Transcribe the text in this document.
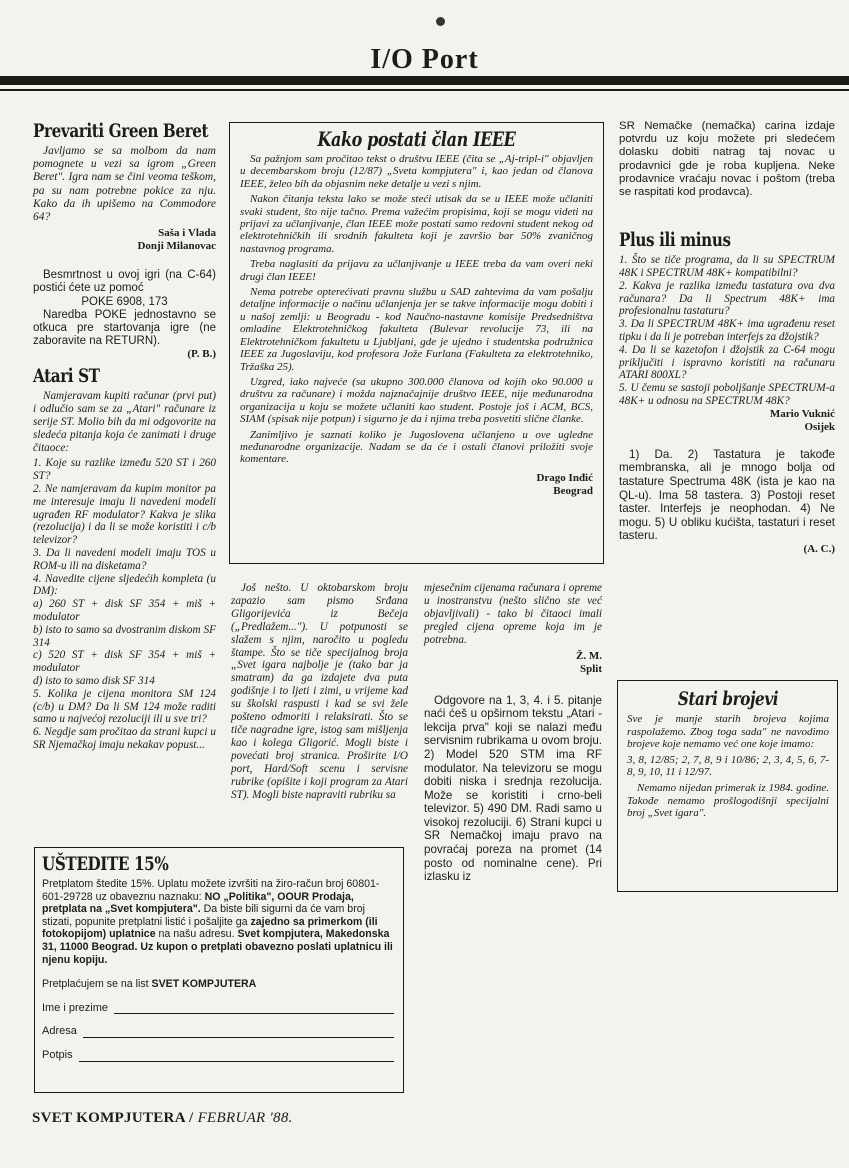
I/O Port
Prevariti Green Beret

Javljamo se sa molbom da nam pomognete u vezi sa igrom „Green Beret". Igra nam se čini veoma teškom, pa su nam potrebne pokice za nju. Kako da ih upišemo na Commodore 64?

Saša i Vlada
Donji Milanovac

Besmrtnost u ovoj igri (na C-64) postići ćete uz pomoć

POKE 6908, 173

Naredba POKE jednostavno se otkuca pre startovanja igre (ne zaboravite na RETURN).

(P. B.)
Atari ST

Namjeravam kupiti računar (prvi put) i odlučio sam se za „Atari" računare iz serije ST. Molio bih da mi odgovorite na sledeća pitanja koja će zanimati i druge čitaoce:

1. Koje su razlike između 520 ST i 260 ST?
2. Ne namjeravam da kupim monitor pa me interesuje imaju li navedeni modeli ugrađen RF modulator? Kakva je slika (rezolucija) i da li se može koristiti i c/b televizor?
3. Da li navedeni modeli imaju TOS u ROM-u ili na disketama?
4. Navedite cijene sljedećih kompleta (u DM):
a) 260 ST + disk SF 354 + miš + modulator
b) isto to samo sa dvostranim diskom SF 314
c) 520 ST + disk SF 354 + miš + modulator
d) isto to samo disk SF 314
5. Kolika je cijena monitora SM 124 (c/b) u DM? Da li SM 124 može raditi samo u najvećoj rezoluciji ili u sve tri?
6. Negdje sam pročitao da strani kupci u SR Njemačkoj imaju nekakav popust...
Kako postati član IEEE

Sa pažnjom sam pročitao tekst o društvu IEEE (čita se „Aj-tripl-i" objavljen u decembarskom broju (12/87) „Sveta kompjutera" i, kao jedan od članova IEEE, želeo bih da objasnim neke detalje u vezi s njim.

Nakon čitanja teksta lako se može steći utisak da se u IEEE može učlaniti svaki student, što nije tačno. Prema važećim propisima, koji se mogu videti na prijavi za učlanjivanje, član IEEE može postati samo redovni student nekog od elektrotehničkih ili srodnih fakulteta koji je završio bar 50% zvaničnog nastavnog programa.

Treba naglasiti da prijavu za učlanjivanje u IEEE treba da vam overi neki drugi član IEEE!

Nema potrebe opterećivati pravnu službu u SAD zahtevima da vam pošalju detaljne informacije o načinu učlanjenja jer se takve informacije mogu dobiti i u našoj zemlji: u Beogradu - kod Naučno-nastavne komisije Predsedništva omladine Elektrotehničkog fakulteta (Bulevar revolucije 73, ili na Elektrotehničkom fakultetu u Ljubljani, gde je ujedno i studentska podružnica IEEE za Jugoslaviju, kod profesora Jože Furlana (Fakulteta za elektrotehniko, Tržaška 25).

Uzgred, iako najveće (sa ukupno 300.000 članova od kojih oko 90.000 u društvu za računare) i možda najznačajnije društvo IEEE, nije međunarodna organizacija u koju se možete učlaniti kao student. Postoje još i ACM, BCS, SIAM (spisak nije potpun) i sigurno je da i njima treba posvetiti slične članke.

Zanimljivo je saznati koliko je Jugoslovena učlanjeno u ove ugledne međunarodne organizacije. Nadam se da će i ostali članovi priložiti svoje komentare.

Drago Inđić
Beograd

Još nešto. U oktobarskom broju zapazio sam pismo Srđana Gligorijevića iz Bečeja („Predlažem..."). U potpunosti se slažem s njim, naročito u pogledu štampe. Što se tiče specijalnog broja „Svet igara najbolje je (tako bar ja smatram) da ga izdajete dva puta godišnje i to ljeti i zimi, u vrijeme kad su školski raspusti i kad se svi žele pošteno odmoriti i relaksirati. Što se tiče nagradne igre, istog sam mišljenja kao i kolega Gligorić. Mogli biste i povećati broj stranica. Proširite I/O port, Hard/Soft scenu i servisne rubrike (opišite i koji program za Atari ST). Mogli biste napraviti rubriku sa

mjesečnim cijenama računara i opreme u inostranstvu (nešto slično ste već objavljivali) - tako bi čitaoci imali pregled cijena opreme koja im je potrebna.

Ž. M.
Split

Odgovore na 1, 3, 4. i 5. pitanje naći ćeš u opširnom tekstu „Atari - lekcija prva" koji se nalazi među servisnim rubrikama u ovom broju. 2) Model 520 STM ima RF modulator. Na televizoru se mogu dobiti niska i srednja rezolucija. Može se koristiti i crno-beli televizor. 5) 490 DM. Radi samo u visokoj rezoluciji. 6) Strani kupci u SR Nemačkoj imaju pravo na povraćaj poreza na promet (14 posto od nominalne cene). Pri izlasku iz

SR Nemačke (nemačka) carina izdaje potvrdu uz koju možete pri sledećem dolasku dobiti natrag taj novac u prodavnici gde je roba kupljena. Neke prodavnice vraćaju novac i poštom (treba se raspitati kod prodavca).

Plus ili minus
1. Što se tiče programa, da li su SPECTRUM 48K i SPECTRUM 48K+ kompatibilni?
2. Kakva je razlika između tastatura ova dva računara? Da li Spectrum 48K+ ima profesionalnu tastaturu?
3. Da li SPECTRUM 48K+ ima ugrađenu reset tipku i da li je potreban interfejs za džojstik?
4. Da li se kazetofon i džojstik za C-64 mogu priključiti i ispravno koristiti na računaru ATARI 800XL?
5. U čemu se sastoji poboljšanje SPECTRUM-a 48K+ u odnosu na SPECTRUM 48K?
Mario Vuknić
Osijek

1) Da. 2) Tastatura je takođe membranska, ali je mnogo bolja od tastature Spectruma 48K (ista je kao na QL-u). Ima 58 tastera. 3) Postoji reset taster. Interfejs je neophodan. 4) Ne mogu. 5) U obliku kućišta, tastaturi i reset tasteru.

(A. C.)
Stari brojevi

Sve je manje starih brojeva kojima raspolažemo. Zbog toga sada" ne navodimo brojeve koje nemamo već one koje imamo:

3, 8, 12/85; 2, 7, 8, 9 i 10/86; 2, 3, 4, 5, 6, 7-8, 9, 10, 11 i 12/97.

Nemamo nijedan primerak iz 1984. godine. Takođe nemamo prošlogodišnji specijalni broj „Svet igara".

UŠTEDITE 15%

Pretplatom štedite 15%. Uplatu možete izvršiti na žiro-račun broj 60801-601-29728 uz obaveznu naznaku: NO „Politika", OOUR Prodaja, pretplata na „Svet kompjutera". Da biste bili sigurni da će vam broj stizati, popunite pretplatni listić i pošaljite ga zajedno sa primerkom (ili fotokopijom) uplatnice na našu adresu. Svet kompjutera, Makedonska 31, 11000 Beograd. Uz kupon o pretplati obavezno poslati uplatnicu ili njenu kopiju.

Pretplaćujem se na list SVET KOMPJUTERA

Ime i prezime
Adresa
Potpis
SVET KOMPJUTERA / FEBRUAR '88.
